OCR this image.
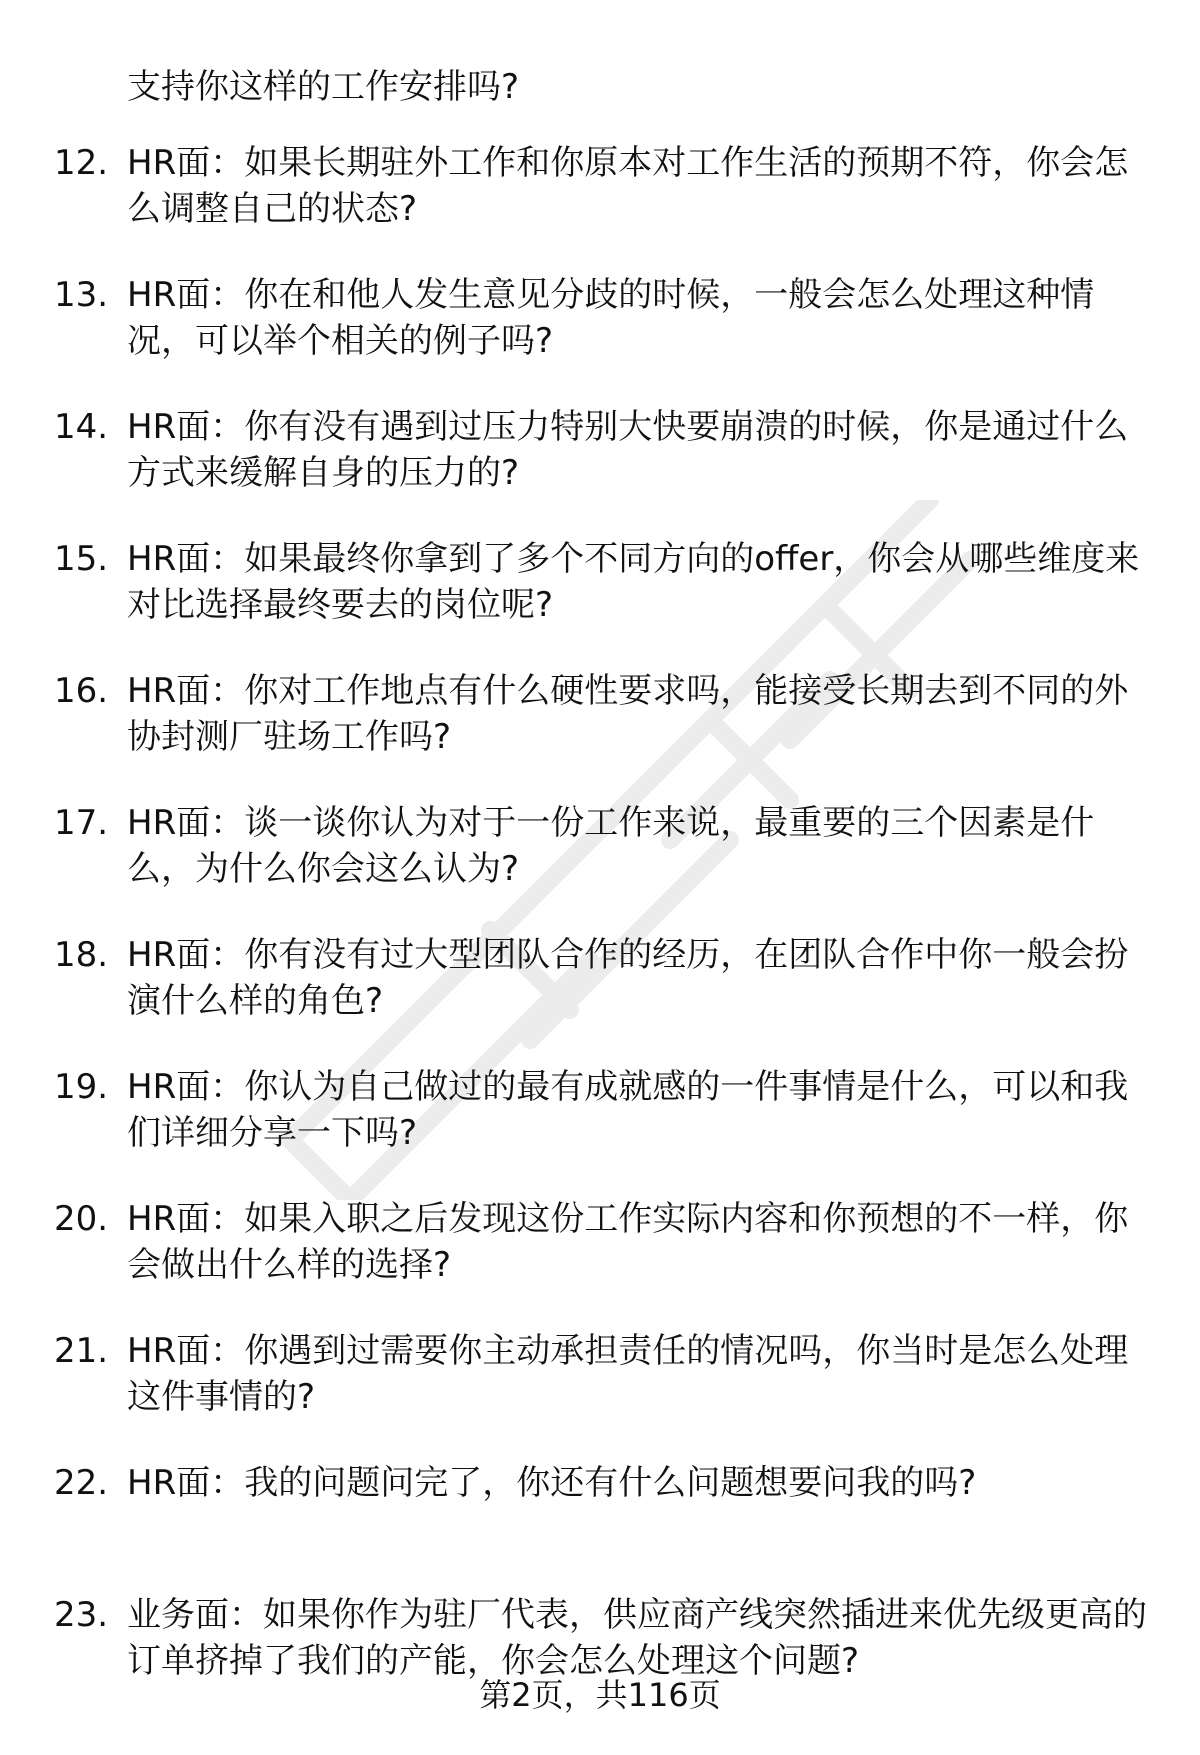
支持你这样的工作安排吗?
12. HR面：如果长期驻外工作和你原本对工作生活的预期不符，你会怎么调整自己的状态?
13. HR面：你在和他人发生意见分歧的时候，一般会怎么处理这种情况，可以举个相关的例子吗?
14. HR面：你有没有遇到过压力特别大快要崩溃的时候，你是通过什么方式来缓解自身的压力的?
15. HR面：如果最终你拿到了多个不同方向的offer，你会从哪些维度来对比选择最终要去的岗位呢?
16. HR面：你对工作地点有什么硬性要求吗，能接受长期去到不同的外协封测厂驻场工作吗?
17. HR面：谈一谈你认为对于一份工作来说，最重要的三个因素是什么，为什么你会这么认为?
18. HR面：你有没有过大型团队合作的经历，在团队合作中你一般会扮演什么样的角色?
19. HR面：你认为自己做过的最有成就感的一件事情是什么，可以和我们详细分享一下吗?
20. HR面：如果入职之后发现这份工作实际内容和你预想的不一样，你会做出什么样的选择?
21. HR面：你遇到过需要你主动承担责任的情况吗，你当时是怎么处理这件事情的?
22. HR面：我的问题问完了，你还有什么问题想要问我的吗?
23. 业务面：如果你作为驻厂代表，供应商产线突然插进来优先级更高的订单挤掉了我们的产能，你会怎么处理这个问题?
第2页，共116页
